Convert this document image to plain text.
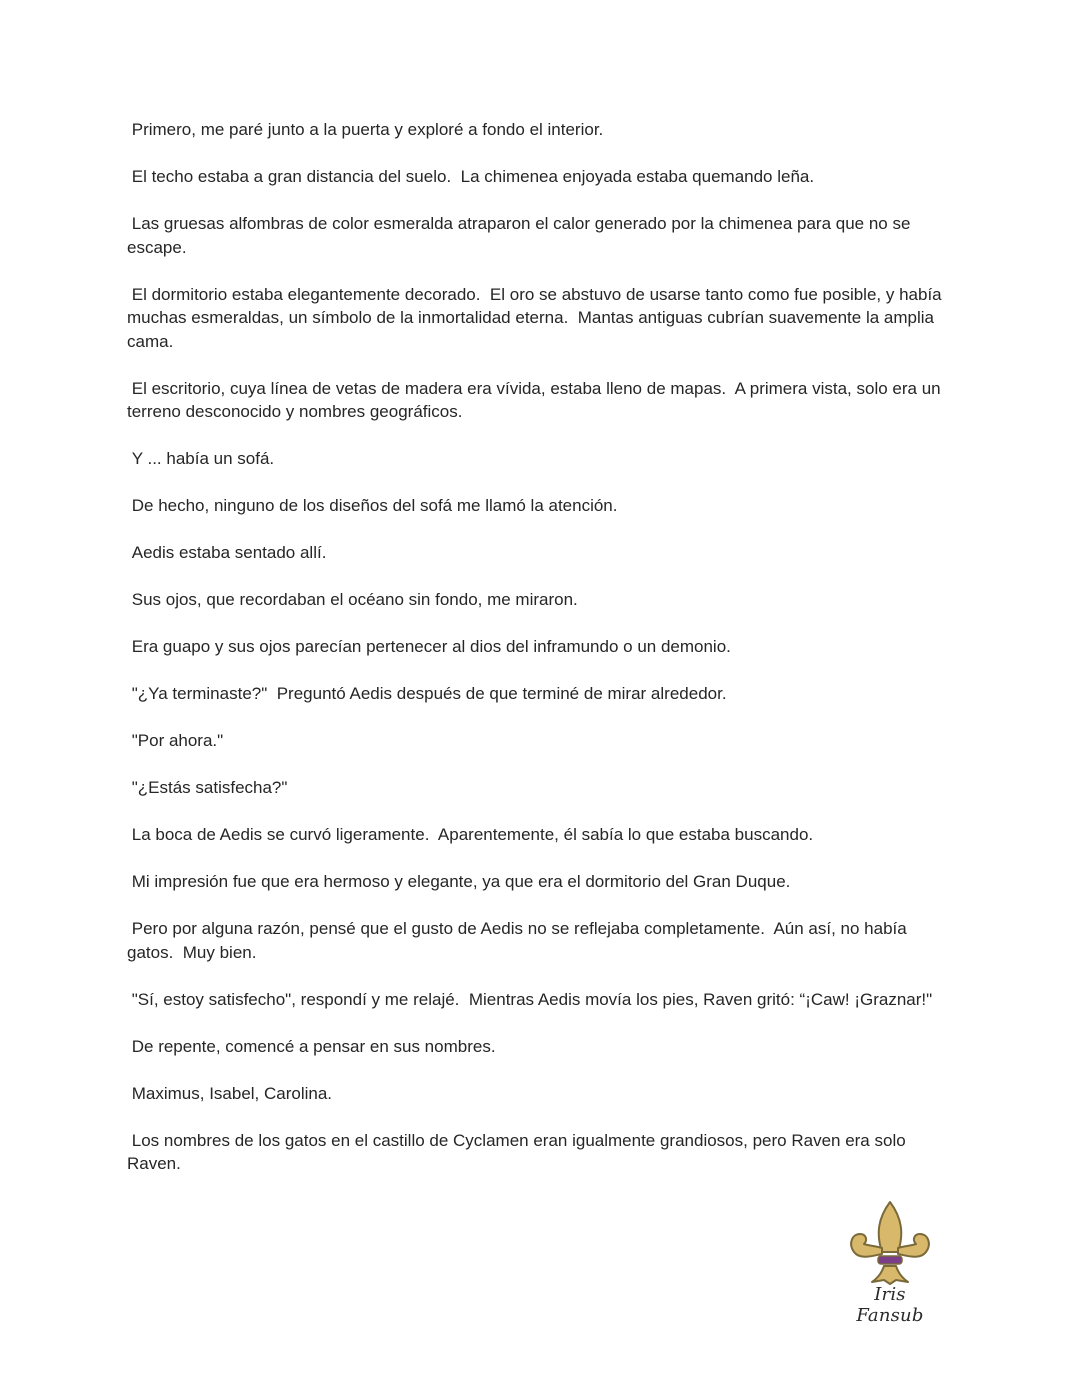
Primero, me paré junto a la puerta y exploré a fondo el interior.

El techo estaba a gran distancia del suelo.  La chimenea enjoyada estaba quemando leña.

Las gruesas alfombras de color esmeralda atraparon el calor generado por la chimenea para que no se escape.

El dormitorio estaba elegantemente decorado.  El oro se abstuvo de usarse tanto como fue posible, y había muchas esmeraldas, un símbolo de la inmortalidad eterna.  Mantas antiguas cubrían suavemente la amplia cama.

El escritorio, cuya línea de vetas de madera era vívida, estaba lleno de mapas.  A primera vista, solo era un terreno desconocido y nombres geográficos.

Y ... había un sofá.

De hecho, ninguno de los diseños del sofá me llamó la atención.

Aedis estaba sentado allí.

Sus ojos, que recordaban el océano sin fondo, me miraron.

Era guapo y sus ojos parecían pertenecer al dios del inframundo o un demonio.

"¿Ya terminaste?"  Preguntó Aedis después de que terminé de mirar alrededor.

"Por ahora."

"¿Estás satisfecha?"

La boca de Aedis se curvó ligeramente.  Aparentemente, él sabía lo que estaba buscando.

Mi impresión fue que era hermoso y elegante, ya que era el dormitorio del Gran Duque.

Pero por alguna razón, pensé que el gusto de Aedis no se reflejaba completamente.  Aún así, no había gatos.  Muy bien.

"Sí, estoy satisfecho", respondí y me relajé.  Mientras Aedis movía los pies, Raven gritó: “¡Caw! ¡Graznar!"

De repente, comencé a pensar en sus nombres.

Maximus, Isabel, Carolina.

Los nombres de los gatos en el castillo de Cyclamen eran igualmente grandiosos, pero Raven era solo Raven.

Iris Fansub
